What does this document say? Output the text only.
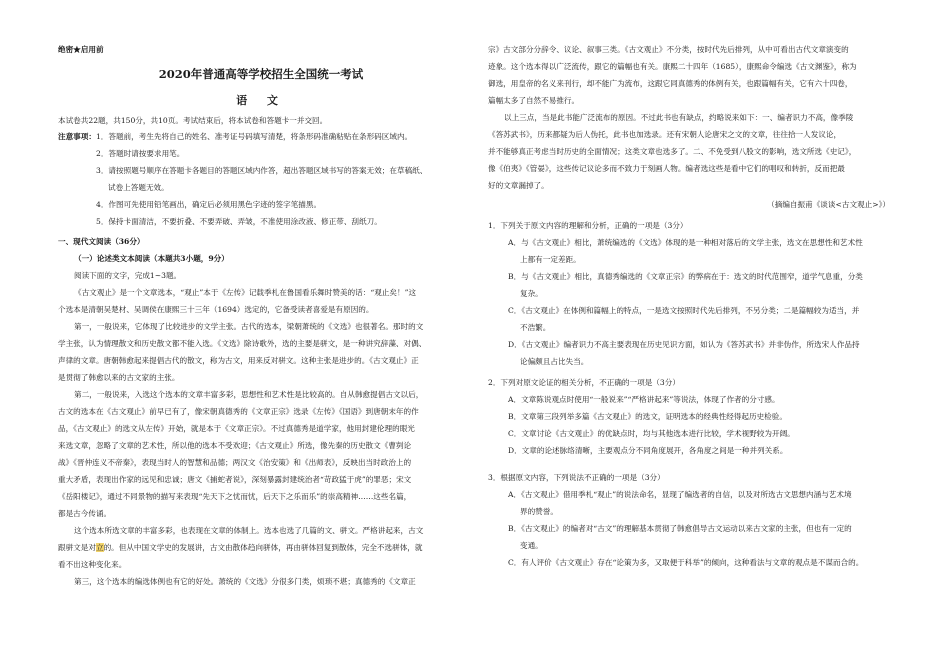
绝密★启用前
2020年普通高等学校招生全国统一考试
语 文
本试卷共22题，共150分，共10页。考试结束后，将本试卷和答题卡一并交回。
注意事项：1．答题前，考生先将自己的姓名、准考证号码填写清楚，将条形码准确粘贴在条形码区域内。
2．答题时请按要求用笔。
3．请按照题号顺序在答题卡各题目的答题区域内作答，超出答题区域书写的答案无效；在草稿纸、
试卷上答题无效。
4．作图可先使用铅笔画出，确定后必须用黑色字迹的签字笔描黑。
5．保持卡面清洁，不要折叠、不要弄破、弄皱，不准使用涂改液、修正带、刮纸刀。
一、现代文阅读（36分）
（一）论述类文本阅读（本题共3小题，9分）
阅读下面的文字，完成1~3题。
《古文观止》是一个文章选本，“观止”本于《左传》记载季札在鲁国看乐舞时赞美的话：“观止矣！”这
个选本是清朝吴楚材、吴调侯在康熙三十三年（1694）选定的，它备受读者喜爱是有原因的。
第一，一般说来，它体现了比较进步的文学主张。古代的选本，梁朝萧统的《文选》也很著名。那时的文
学主张，认为情理散文和历史散文都不能入选。《文选》除诗歌外，选的主要是骈文，是一种讲究辞藻、对偶、
声律的文章。唐朝韩愈起来提倡古代的散文，称为古文，用来反对骈文。这种主张是进步的。《古文观止》正
是贯彻了韩愈以来的古文家的主张。
第二，一般说来，入选这个选本的文章丰富多彩，思想性和艺术性是比较高的。自从韩愈提倡古文以后，
古文的选本在《古文观止》前早已有了，像宋朝真德秀的《文章正宗》选录《左传》《国语》到唐朝末年的作
品，《古文观止》的选文从左传》开始，就是本于《文章正宗》。不过真德秀是道学家，他用封建伦理的眼光
来选文章，忽略了文章的艺术性，所以他的选本不受欢迎；《古文观止》所选，像先秦的历史散文《曹刿论
战》《晋仲连义不帝秦》，表现当时人的智慧和品德；两汉文《治安策》和《出师表》，反映出当时政治上的
重大矛盾，表现出作家的远见和忠诚；唐文《捕蛇者说》，深刻暴露封建统治者“苛政猛于虎”的罪恶；宋文
《岳阳楼记》，通过不同景物的描写来表现“先天下之忧而忧，后天下之乐而乐”的崇高精神……这些名篇，
都是古今传诵。
这个选本所选文章的丰富多彩，也表现在文章的体制上。选本也选了几篇的文、骈文。严格讲起来，古文
跟骈文是对立的。但从中国文学史的发展讲，古文由散体趋向骈体，再由骈体回复到散体，完全不选骈体，就
看不出这种变化来。
第三，这个选本的编选体例也有它的好处。萧统的《文选》分很多门类，烦琐不堪；真德秀的《文章正
宗》古文部分分辞令、议论、叙事三类。《古文观止》不分类，按时代先后排列，从中可看出古代文章演变的
迹象。这个选本得以广泛流传，跟它的篇幅也有关。康熙二十四年（1685），康熙命令编选《古文渊鉴》，称为
御选，用皇帝的名义来刊行，却不能广为流布，这跟它同真德秀的体例有关，也跟篇幅有关，它有六十四卷，
篇幅太多了自然不易推行。
以上三点，当是此书能广泛流布的原因。不过此书也有缺点，约略说来如下：一、编者识力不高，像季陵
《答苏武书》，历来都疑为后人伪托，此书也加选录。还有宋朝人论唐宋之文的文章，往往拾一人发议论，
并不能够真正考虑当时历史的全面情况；这类文章也选多了。二、不免受到八股文的影响，选文所选《史记》，
像《伯夷》《管晏》，这些传记议论多而不致力于刻画人物。编者选这些是看中它们的唱叹和转折，反而把最
好的文章漏掉了。
（摘编自振甫《谈谈<古文观止>》）
1．下列关于原文内容的理解和分析，正确的一项是（3分）
A．与《古文观止》相比，萧统编选的《文选》体现的是一种相对落后的文学主张，选文在思想性和艺术性
上都有一定差距。
B．与《古文观止》相比，真德秀编选的《文章正宗》的弊病在于：选文的时代范围窄，道学气息重，分类
复杂。
C．《古文观止》在体例和篇幅上的特点，一是选文按照时代先后排列，不另分类；二是篇幅较为适当，并
不浩繁。
D．《古文观止》编者识力不高主要表现在历史见识方面，如认为《答苏武书》并非伪作，所选宋人作品持
论偏颇且占比失当。
2．下列对原文论证的相关分析，不正确的一项是（3分）
A．文章陈说观点时使用“一般说来”“严格讲起来”等说法，体现了作者的分寸感。
B．文章第三段列举多篇《古文观止》的选文，证明选本的经典性经得起历史检验。
C．文章讨论《古文观止》的优缺点时，均与其他选本进行比较，学术视野较为开阔。
D．文章的论述脉络清晰，主要观点分不同角度展开，各角度之间是一种并列关系。
3．根据原文内容，下列说法不正确的一项是（3分）
A．《古文观止》借用季札“观止”的说法命名，显现了编选者的自信，以及对所选古文思想内涵与艺术境
界的赞誉。
B．《古文观止》的编者对“古文”的理解基本贯彻了韩愈倡导古文运动以来古文家的主张，但也有一定的
变通。
C．有人评价《古文观止》存在“论策为多，又取便于科举”的倾向，这种看法与文章的观点是不谋而合的。
